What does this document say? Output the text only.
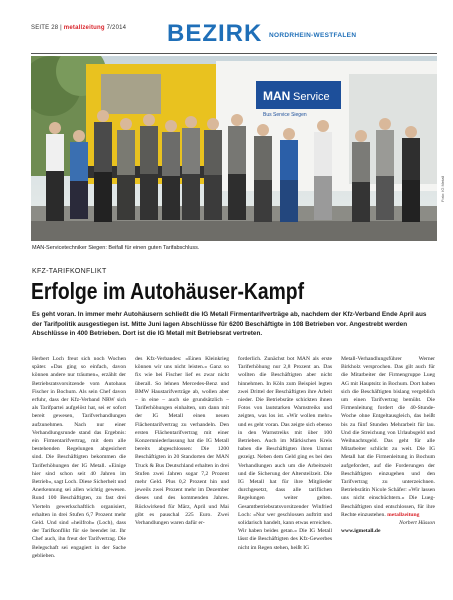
SEITE 28 | metallzeitung 7/2014 BEZIRK NORDRHEIN-WESTFALEN
MAN Service
Bus Service Siegen
Foto: IG Metall
MAN-Servicetechniker Siegen: Beifall für einen guten Tarifabschluss.
KFZ-TARIFKONFLIKT
Erfolge im Autohäuser-Kampf
Es geht voran. In immer mehr Autohäusern schließt die IG Metall Firmentarifverträge ab, nachdem der Kfz-Verband Ende April aus der Tarifpolitik ausgestiegen ist. Mitte Juni lagen Abschlüsse für 6200 Beschäftigte in 108 Betrieben vor. Angestrebt werden Abschlüsse in 400 Betrieben. Dort ist die IG Metall mit Betriebsrat vertreten.

Herbert Loch freut sich noch Wochen später. »Das ging so einfach, davon können andere nur träumen«, erzählt der Betriebsratsvorsitzende vom Autohaus Fischer in Bochum. Als sein Chef davon erfuhr, dass der Kfz-Verband NRW sich als Tarifpartei aufgelöst hat, sei er sofort bereit gewesen, Tarifverhandlungen aufzunehmen. Nach nur einer Verhandlungsrunde stand das Ergebnis: ein Firmentarifvertrag, mit dem alle bestehenden Regelungen abgesichert sind. Die Beschäftigten bekommen die Tariferhöhungen der IG Metall. »Einige hier sind schon seit 40 Jahren im Betrieb«, sagt Loch. Diese Sicherheit und Anerkennung sei allen wichtig gewesen. Rund 100 Beschäftigten, zu fast drei Vierteln gewerkschaftlich organisiert, erhalten in drei Stufen 6,7 Prozent mehr Geld. Und sind »heilfroh« (Loch), dass der Tarifkonflikt für sie beendet ist. Ihr Chef auch, ihn freut der Tarifvertrag. Die Belegschaft sei engagiert in der Sache geblieben.

des Kfz-Verbandes: »Einen Kleinkrieg können wir uns nicht leisten.« Ganz so fix wie bei Fischer lief es zwar nicht überall. So lehnen Mercedes-Benz und BMW Haustarifverträge ab, wollen aber – in eine – auch sie grundsätzlich – Tariferhöhungen einhalten, um dann mit der IG Metall einen neuen Flächentarifvertrag zu verhandeln. Den ersten Flächentarifvertrag mit einer Konzernniederlassung hat die IG Metall bereits abgeschlossen: Die 1200 Beschäftigten in 20 Standorten der MAN Truck & Bus Deutschland erhalten in drei Stufen zwei Jahren sogar 7,2 Prozent mehr Geld. Plus 0,2 Prozent hin und jeweils zwei Prozent mehr im Dezember dieses und des kommenden Jahres. Rückwirkend für März, April und Mai gibt es pauschal 225 Euro. Zwei Verhandlungen waren dafür er-

forderlich. Zunächst bot MAN als erste Tariferhöhung nur 2,8 Prozent an. Das wollten die Beschäftigten aber nicht hinnehmen. In Köln zum Beispiel legten zwei Drittel der Beschäftigten ihre Arbeit nieder. Die Betriebsräte schickten ihnen Fotos von lautstarken Warnstreiks und zeigten, was los ist. »Wir wollen mehr« und es geht voran. Das zeigte sich ebenso in den Warnstreiks mit über 100 Betrieben. Auch im Märkischen Kreis haben die Beschäftigten ihren Unmut gezeigt. Neben dem Geld ging es bei den Verhandlungen auch um die Arbeitszeit und die Sicherung der Altersteilzeit. Die IG Metall hat für ihre Mitglieder durchgesetzt, dass alle tariflichen Regelungen weiter gelten. Gesamtbetriebsratsvorsitzender Winfried Loch: »Nur wer geschlossen auftritt und solidarisch handelt, kann etwas erreichen. Wir haben beides getan.« Die IG Metall lässt die Beschäftigten des Kfz-Gewerbes nicht im Regen stehen, heißt IG

Metall-Verhandlungsführer Werner Birkholz versprochen. Das gilt auch für die Mitarbeiter der Firmengruppe Lueg AG mit Hauptsitz in Bochum. Dort haben sich die Beschäftigten bislang vergeblich um einen Tarifvertrag bemüht. Die Firmenleitung fordert die 40-Stunde-Woche ohne Entgeltausgleich, das heißt bis zu fünf Stunden Mehrarbeit für lau. Und die Streichung von Urlaubsgeld und Weihnachtsgeld. Das geht für alle Mitarbeiter schlicht zu weit. Die IG Metall hat die Firmenleitung in Bochum aufgefordert, auf die Forderungen der Beschäftigten einzugehen und den Tarifvertrag zu unterzeichnen. Betriebsrätin Nicole Schäfer: »Wir lassen uns nicht einschüchtern.« Die Lueg-Beschäftigten sind entschlossen, für ihre Rechte einzustehen. metallzeitung

Norbert Hüsson
www.igmetall.de
